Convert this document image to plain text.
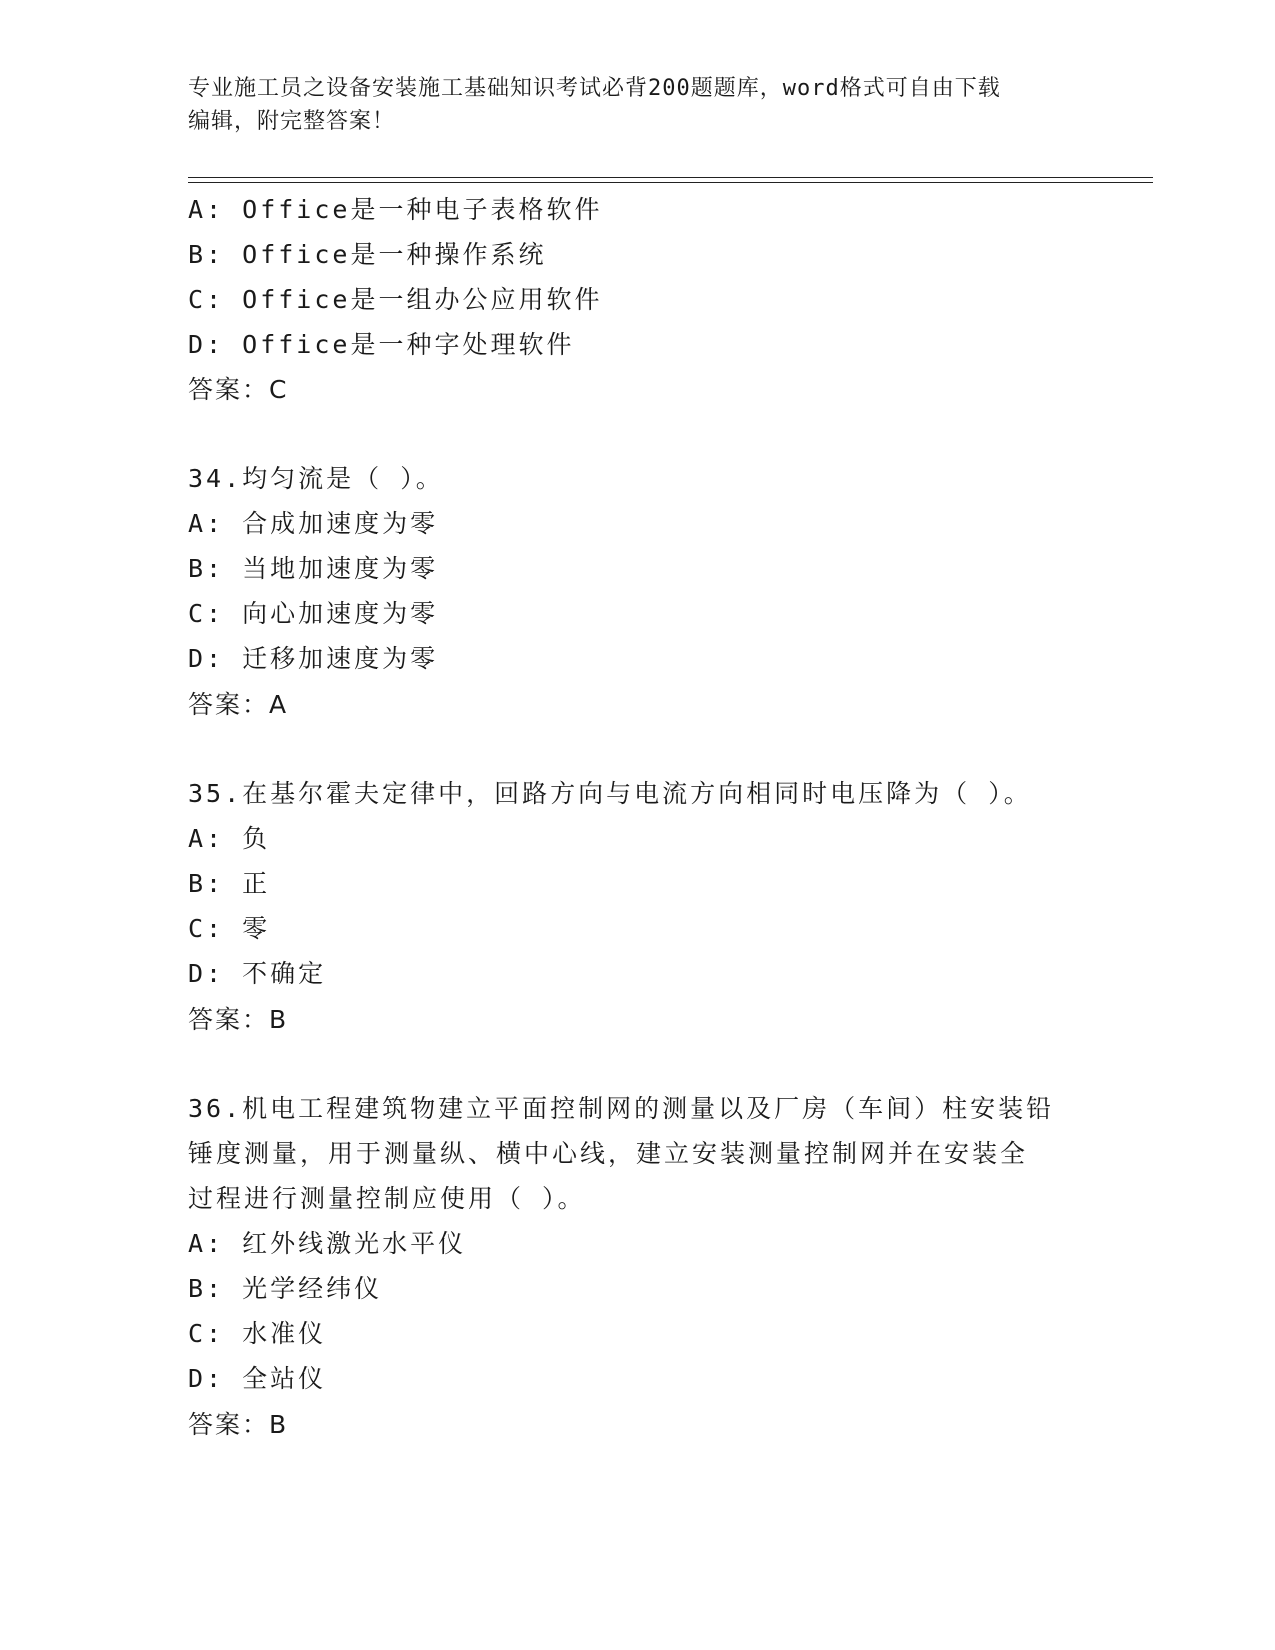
专业施工员之设备安装施工基础知识考试必背200题题库，word格式可自由下载
编辑，附完整答案！
A: Office是一种电子表格软件
B: Office是一种操作系统
C: Office是一组办公应用软件
D: Office是一种字处理软件
答案：C
34.均匀流是（ ）。
A: 合成加速度为零
B: 当地加速度为零
C: 向心加速度为零
D: 迁移加速度为零
答案：A
35.在基尔霍夫定律中，回路方向与电流方向相同时电压降为（ ）。
A: 负
B: 正
C: 零
D: 不确定
答案：B
36.机电工程建筑物建立平面控制网的测量以及厂房（车间）柱安装铅
锤度测量，用于测量纵、横中心线，建立安装测量控制网并在安装全
过程进行测量控制应使用（ ）。
A: 红外线激光水平仪
B: 光学经纬仪
C: 水准仪
D: 全站仪
答案：B
